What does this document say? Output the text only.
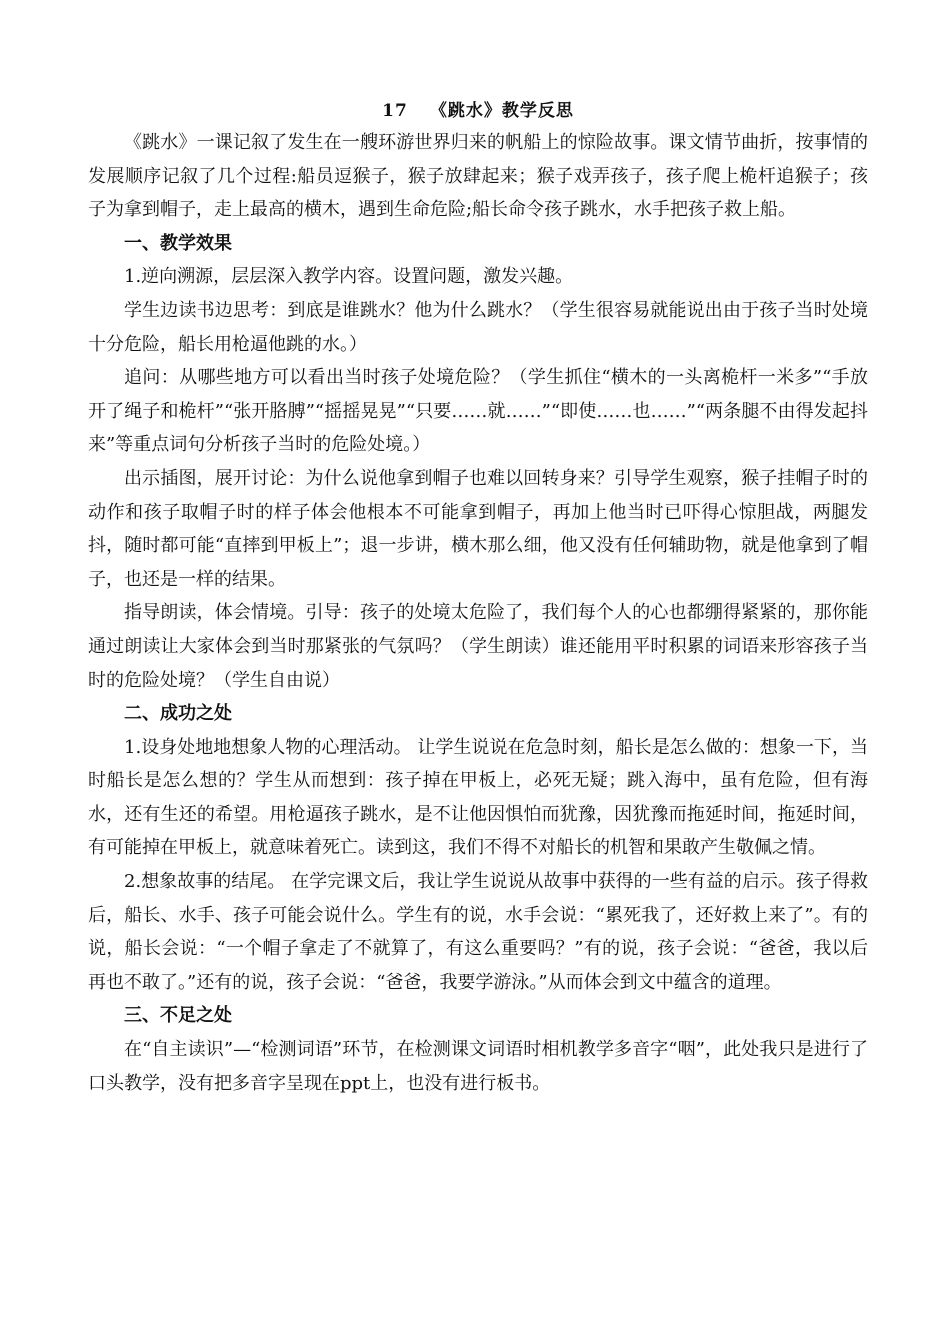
17 《跳水》教学反思

《跳水》一课记叙了发生在一艘环游世界归来的帆船上的惊险故事。课文情节曲折，按事情的发展顺序记叙了几个过程:船员逗猴子，猴子放肆起来；猴子戏弄孩子，孩子爬上桅杆追猴子；孩子为拿到帽子，走上最高的横木，遇到生命危险;船长命令孩子跳水，水手把孩子救上船。

一、教学效果

1.逆向溯源，层层深入教学内容。设置问题，激发兴趣。

学生边读书边思考：到底是谁跳水？他为什么跳水？（学生很容易就能说出由于孩子当时处境十分危险，船长用枪逼他跳的水。）

追问：从哪些地方可以看出当时孩子处境危险？（学生抓住“横木的一头离桅杆一米多”“手放开了绳子和桅杆”“张开胳膊”“摇摇晃晃”“只要……就……”“即使……也……”“两条腿不由得发起抖来”等重点词句分析孩子当时的危险处境。）

出示插图，展开讨论：为什么说他拿到帽子也难以回转身来？引导学生观察，猴子挂帽子时的动作和孩子取帽子时的样子体会他根本不可能拿到帽子，再加上他当时已吓得心惊胆战，两腿发抖，随时都可能“直摔到甲板上”；退一步讲，横木那么细，他又没有任何辅助物，就是他拿到了帽子，也还是一样的结果。

指导朗读，体会情境。引导：孩子的处境太危险了，我们每个人的心也都绷得紧紧的，那你能通过朗读让大家体会到当时那紧张的气氛吗？（学生朗读）谁还能用平时积累的词语来形容孩子当时的危险处境？（学生自由说）

二、成功之处

1.设身处地地想象人物的心理活动。 让学生说说在危急时刻，船长是怎么做的：想象一下，当时船长是怎么想的？学生从而想到：孩子掉在甲板上，必死无疑；跳入海中，虽有危险，但有海水，还有生还的希望。用枪逼孩子跳水，是不让他因惧怕而犹豫，因犹豫而拖延时间，拖延时间，有可能掉在甲板上，就意味着死亡。读到这，我们不得不对船长的机智和果敢产生敬佩之情。

2.想象故事的结尾。 在学完课文后，我让学生说说从故事中获得的一些有益的启示。孩子得救后，船长、水手、孩子可能会说什么。学生有的说，水手会说：“累死我了，还好救上来了”。有的说，船长会说：“一个帽子拿走了不就算了，有这么重要吗？”有的说，孩子会说：“爸爸，我以后再也不敢了。”还有的说，孩子会说：“爸爸，我要学游泳。”从而体会到文中蕴含的道理。

三、不足之处

在“自主读识”—“检测词语”环节，在检测课文词语时相机教学多音字“咽”，此处我只是进行了口头教学，没有把多音字呈现在ppt上，也没有进行板书。
